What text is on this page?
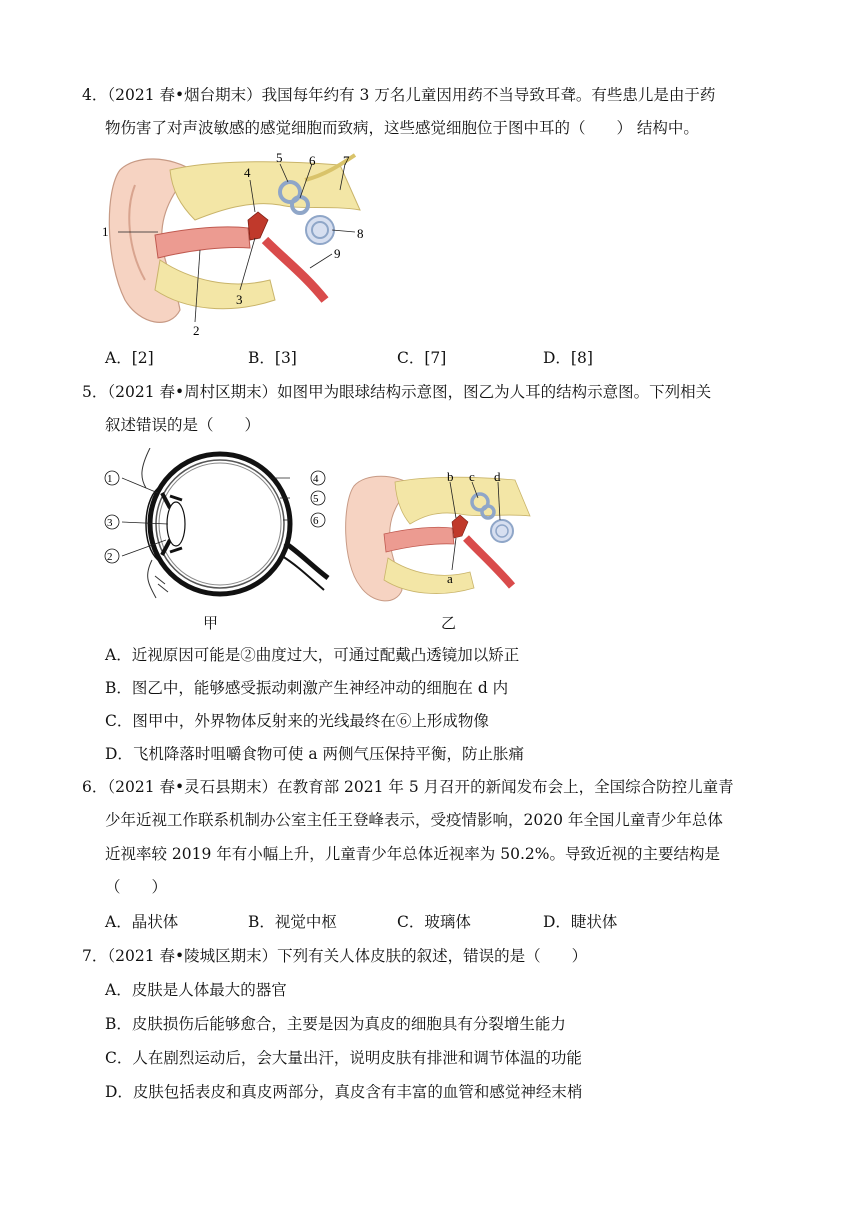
4．（2021 春•烟台期末）我国每年约有 3 万名儿童因用药不当导致耳聋。有些患儿是由于药
物伤害了对声波敏感的感觉细胞而致病，这些感觉细胞位于图中耳的（　　） 结构中。
1
2
3
4
5 6 7
8
9
A．[2]	B．[3]	C．[7]	D．[8]
5．（2021 春•周村区期末）如图甲为眼球结构示意图，图乙为人耳的结构示意图。下列相关
叙述错误的是（　　）
1
3
2
4
5
6
甲
b c d
a
乙
A．近视原因可能是②曲度过大，可通过配戴凸透镜加以矫正
B．图乙中，能够感受振动刺激产生神经冲动的细胞在 d 内
C．图甲中，外界物体反射来的光线最终在⑥上形成物像
D．飞机降落时咀嚼食物可使 a 两侧气压保持平衡，防止胀痛
6．（2021 春•灵石县期末）在教育部 2021 年 5 月召开的新闻发布会上，全国综合防控儿童青
少年近视工作联系机制办公室主任王登峰表示，受疫情影响，2020 年全国儿童青少年总体
近视率较 2019 年有小幅上升，儿童青少年总体近视率为 50.2%。导致近视的主要结构是
（　　）
A．晶状体	B．视觉中枢	C．玻璃体	D．睫状体
7．（2021 春•陵城区期末）下列有关人体皮肤的叙述，错误的是（　　）
A．皮肤是人体最大的器官
B．皮肤损伤后能够愈合，主要是因为真皮的细胞具有分裂增生能力
C．人在剧烈运动后，会大量出汗，说明皮肤有排泄和调节体温的功能
D．皮肤包括表皮和真皮两部分，真皮含有丰富的血管和感觉神经末梢
